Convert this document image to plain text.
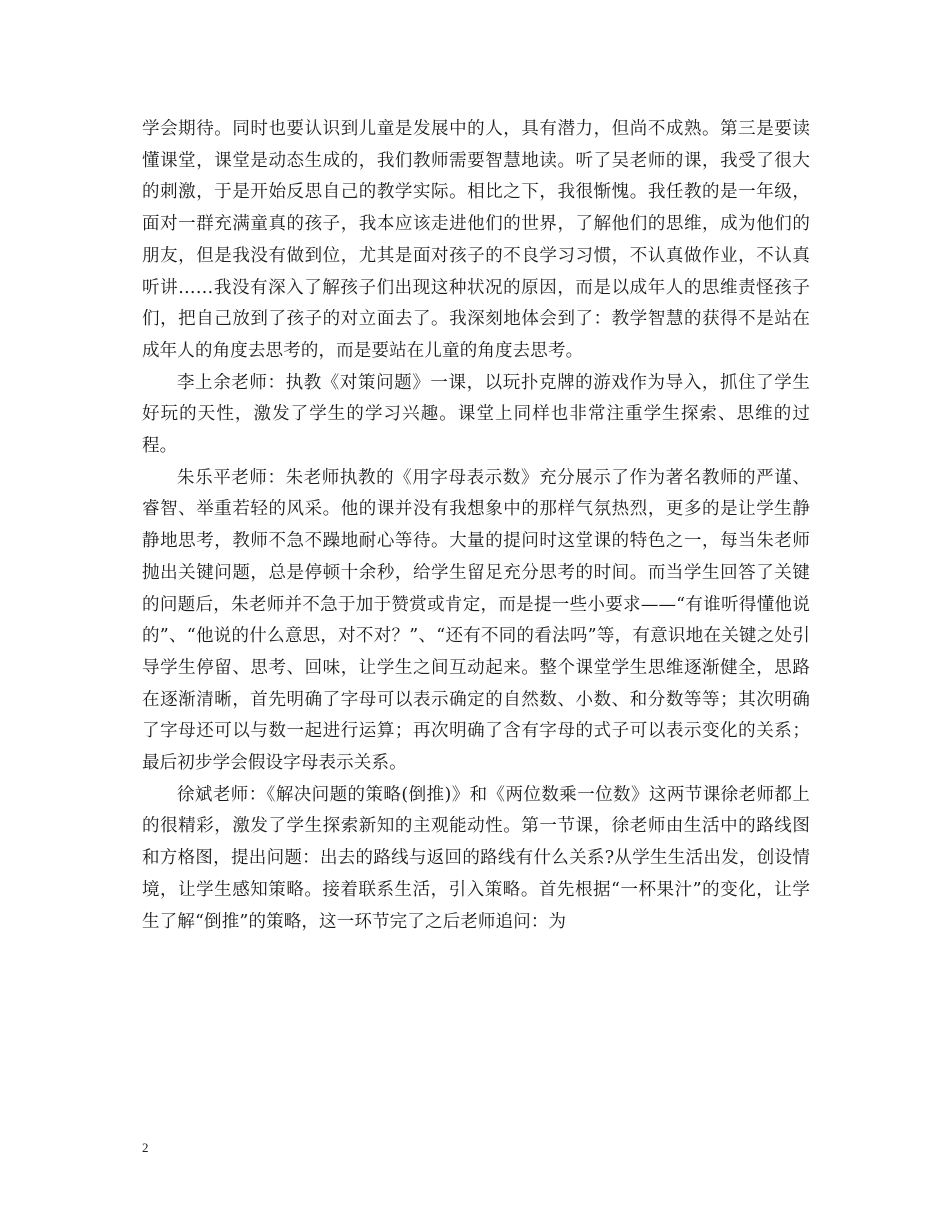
学会期待。同时也要认识到儿童是发展中的人，具有潜力，但尚不成熟。第三是要读懂课堂，课堂是动态生成的，我们教师需要智慧地读。听了吴老师的课，我受了很大的刺激，于是开始反思自己的教学实际。相比之下，我很惭愧。我任教的是一年级，面对一群充满童真的孩子，我本应该走进他们的世界，了解他们的思维，成为他们的朋友，但是我没有做到位，尤其是面对孩子的不良学习习惯，不认真做作业，不认真听讲……我没有深入了解孩子们出现这种状况的原因，而是以成年人的思维责怪孩子们，把自己放到了孩子的对立面去了。我深刻地体会到了：教学智慧的获得不是站在成年人的角度去思考的，而是要站在儿童的角度去思考。

李上余老师：执教《对策问题》一课，以玩扑克牌的游戏作为导入，抓住了学生好玩的天性，激发了学生的学习兴趣。课堂上同样也非常注重学生探索、思维的过程。

朱乐平老师：朱老师执教的《用字母表示数》充分展示了作为著名教师的严谨、睿智、举重若轻的风采。他的课并没有我想象中的那样气氛热烈，更多的是让学生静静地思考，教师不急不躁地耐心等待。大量的提问时这堂课的特色之一，每当朱老师抛出关键问题，总是停顿十余秒，给学生留足充分思考的时间。而当学生回答了关键的问题后，朱老师并不急于加于赞赏或肯定，而是提一些小要求——“有谁听得懂他说的”、“他说的什么意思，对不对？”、“还有不同的看法吗”等，有意识地在关键之处引导学生停留、思考、回味，让学生之间互动起来。整个课堂学生思维逐渐健全，思路在逐渐清晰，首先明确了字母可以表示确定的自然数、小数、和分数等等；其次明确了字母还可以与数一起进行运算；再次明确了含有字母的式子可以表示变化的关系；最后初步学会假设字母表示关系。

徐斌老师：《解决问题的策略(倒推)》和《两位数乘一位数》这两节课徐老师都上的很精彩，激发了学生探索新知的主观能动性。第一节课，徐老师由生活中的路线图和方格图，提出问题：出去的路线与返回的路线有什么关系?从学生生活出发，创设情境，让学生感知策略。接着联系生活，引入策略。首先根据“一杯果汁”的变化，让学生了解“倒推”的策略，这一环节完了之后老师追问：为

2
